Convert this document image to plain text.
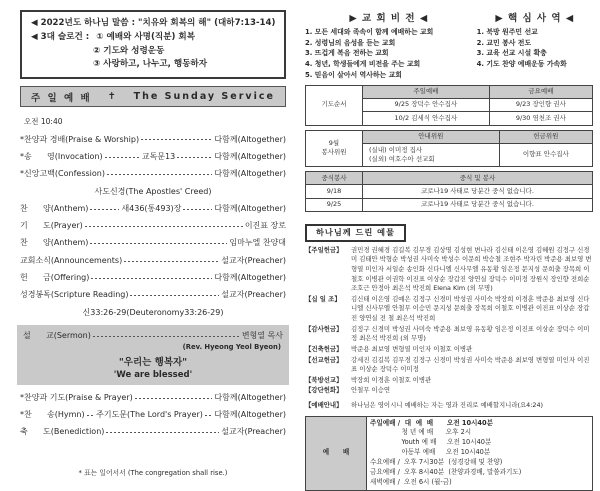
◀ 2022년도 하나님 말씀 : "치유와 회복의 해" (대하7:13-14)
◀ 3대 슬로건 : ① 예배와 사명(직분) 회복
② 기도와 성령운동
③ 사랑하고, 나누고, 행동하자
주 일 예 배 ✝ The Sunday Service
오전 10:40
*찬양과 경배(Praise & Worship)	다함께(Altogether)
*송      영(Invocation)	교독문13	다함께(Altogether)
*신앙고백(Confession)	다함께(Altogether)
사도신경(The Apostles' Creed)
찬      양(Anthem)	새436(통493)장	다함께(Altogether)
기      도(Prayer)	이진표 장로
찬      양(Anthem)	임마누엘 찬양대
교회소식(Announcements)	설교자(Preacher)
헌      금(Offering)	다함께(Altogether)
성경봉독(Scripture Reading)	설교자(Preacher)
신33:26-29(Deuteronomy33:26-29)
설      교(Sermon)	변형열 목사
(Rev. Hyeong Yeol Byeon)
"우리는 행복자"
'We are blessed'
*찬양과 기도(Praise & Prayer)	다함께(Altogether)
*찬      송(Hymn) 주기도문(The Lord's Prayer) 다함께(Altogether)
축      도(Benediction)	설교자(Preacher)
* 표는 일어서서 (The congregation shall rise.)
▶ 교 회 비 전 ◀
1. 모든 세대와 족속이 함께 예배하는 교회
2. 성령님의 음성을 듣는 교회
3. 뜨겁게 복음 전하는 교회
4. 청년, 학생들에게 비전을 주는 교회
5. 믿음이 살아서 역사하는 교회
▶ 핵 심 사 역 ◀
1. 북방 원주민 선교
2. 교민 봉사 전도
3. 교육 선교 시설 확충
4. 기도 찬양 예배운동 가속화
기도순서	주일예배	금요예배
	9/25 장덕수 안수집사	9/23 장인향 권사
	10/2 김세식 안수집사	9/30 염천조 권사
9월
봉사위원	안내위원	헌금위원

	(실내) 이미정 집사
(실외) 여호수아 선교회	이향표 안수집사
중식봉사	중식 및 봉사
9/18	코로나19 사태로 당분간 중식 없습니다.
9/25	코로나19 사태로 당분간 중식 없습니다.
하나님께 드린 예물
【주일헌금】	권민경 권혜경 김길복 김무경 김상명 김성현 변나라 김신태 이은영 김혜원 김정구 신경미 김태안 박형순 박성권 사미숙 박성수 이문희 박승철 조현주 박자린 박준용 최보영 변형열 미인자 서일순 송인화 신다니엘 신사무엘 유동황 임은정 문지성 문희출 장목희 이철호 이병관 이권학 이진표 이상순 장갑진 양연실 장덕수 이미정 장원식 장인향 전희순 조호근 안정아 최은석 박진희 Elena Kim (외 무명)
【십 일 조】	김신태 이은영 김예은 김정구 신경미 박성권 사미숙 박장희 이경훈 박준용 최보영 신다니엘 신사무엘 안철무 이승민 문지성 문희출 장목희 이철호 이병관 이진표 이상순 장갑진 양연실 전 철 최은석 박진희
【감사헌금】	김정구 신경미 박성권 사미숙 박준용 최보영 유동황 임은정 이진표 이상순 장덕수 이미정 최은석 박진희 (외 무명)
【건축헌금】	박준용 최보영 변형열 미인자 이철호 이병관
【선교헌금】	강세진 김길복 김무경 김정구 신경미 박성권 사미숙 박준용 최보영 변형열 미인자 이진표 이상순 장덕수 이미정
【북방선교】	박장희 이경훈 이철호 이병관
【강단헌화】	안철무 이승연
【예배안내】	하나님은 영이시니 예배하는 자는 영과 진리로 예배할지니라(요4:24)
예      배	
주일예배 /  대  예  배      오전 10시40분
청 년 예 배      오후 2시
Youth 예 배     오전 10시40분
아동부 예배     오전 10시40분
수요예배 /  오후 7시30분  (성경강해 및 찬양)
금요예배 /  오후 8시40분  (찬양과경배, 말씀과기도)
새벽예배 /  오전 6시 (월-금)
